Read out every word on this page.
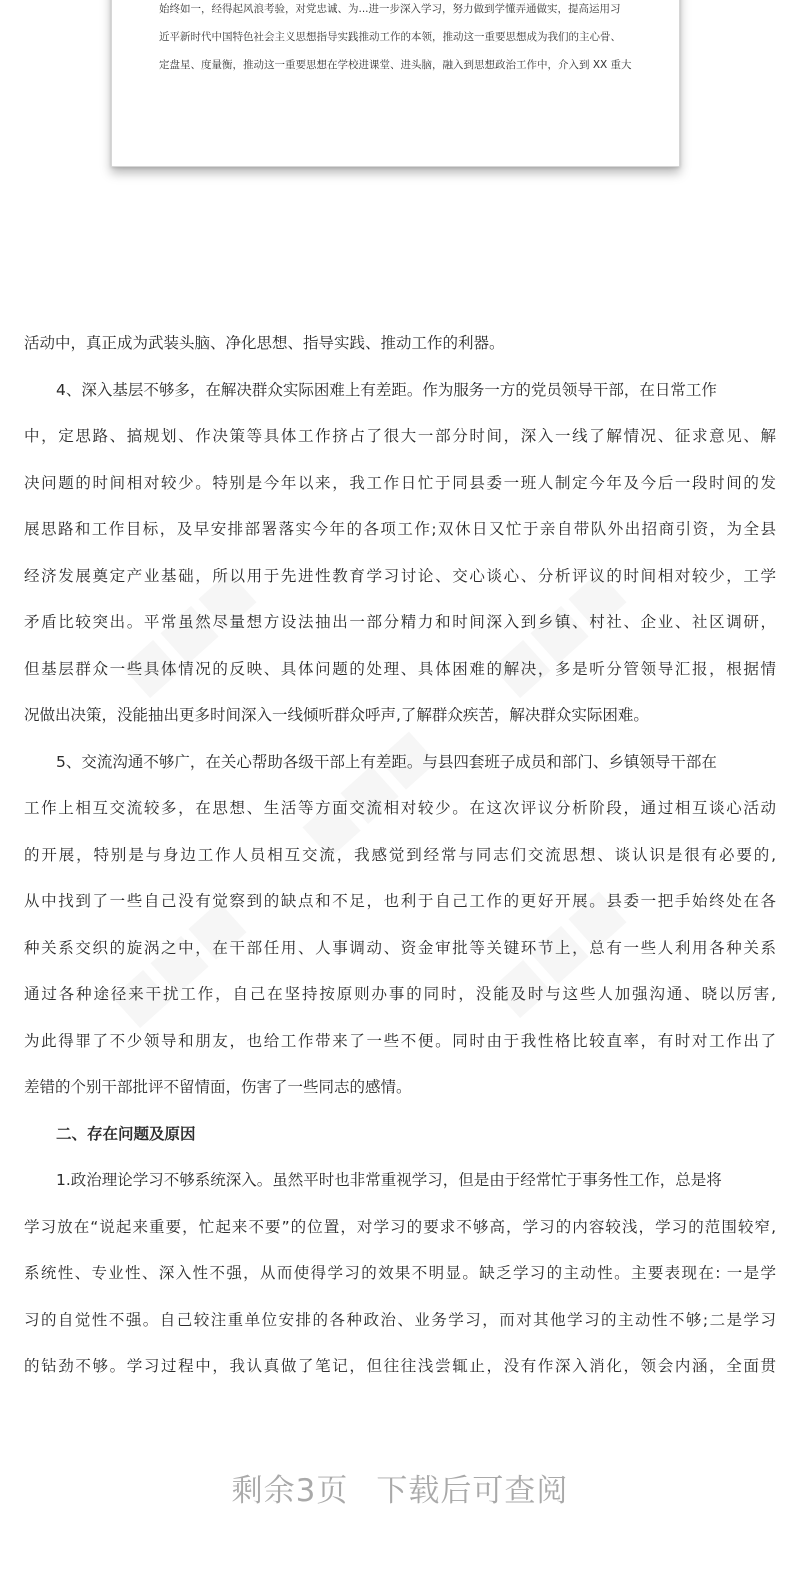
始终如一，经得起风浪考验，对党忠诚、为...进一步深入学习，努力做到学懂弄通做实，提高运用习
近平新时代中国特色社会主义思想指导实践推动工作的本领，推动这一重要思想成为我们的主心骨、
定盘星、度量衡，推动这一重要思想在学校进课堂、进头脑，融入到思想政治工作中，介入到 XX 重大
活动中，真正成为武装头脑、净化思想、指导实践、推动工作的利器。
4、深入基层不够多，在解决群众实际困难上有差距。作为服务一方的党员领导干部，在日常工作
中，定思路、搞规划、作决策等具体工作挤占了很大一部分时间，深入一线了解情况、征求意见、解
决问题的时间相对较少。特别是今年以来，我工作日忙于同县委一班人制定今年及今后一段时间的发
展思路和工作目标，及早安排部署落实今年的各项工作;双休日又忙于亲自带队外出招商引资，为全县
经济发展奠定产业基础，所以用于先进性教育学习讨论、交心谈心、分析评议的时间相对较少，工学
矛盾比较突出。平常虽然尽量想方设法抽出一部分精力和时间深入到乡镇、村社、企业、社区调研，
但基层群众一些具体情况的反映、具体问题的处理、具体困难的解决，多是听分管领导汇报，根据情
况做出决策，没能抽出更多时间深入一线倾听群众呼声,了解群众疾苦，解决群众实际困难。
5、交流沟通不够广，在关心帮助各级干部上有差距。与县四套班子成员和部门、乡镇领导干部在
工作上相互交流较多，在思想、生活等方面交流相对较少。在这次评议分析阶段，通过相互谈心活动
的开展，特别是与身边工作人员相互交流，我感觉到经常与同志们交流思想、谈认识是很有必要的,
从中找到了一些自己没有觉察到的缺点和不足，也利于自己工作的更好开展。县委一把手始终处在各
种关系交织的旋涡之中，在干部任用、人事调动、资金审批等关键环节上，总有一些人利用各种关系
通过各种途径来干扰工作，自己在坚持按原则办事的同时，没能及时与这些人加强沟通、晓以厉害,
为此得罪了不少领导和朋友，也给工作带来了一些不便。同时由于我性格比较直率，有时对工作出了
差错的个别干部批评不留情面，伤害了一些同志的感情。
二、存在问题及原因
1.政治理论学习不够系统深入。虽然平时也非常重视学习，但是由于经常忙于事务性工作，总是将
学习放在“说起来重要，忙起来不要”的位置，对学习的要求不够高，学习的内容较浅，学习的范围较窄,
系统性、专业性、深入性不强，从而使得学习的效果不明显。缺乏学习的主动性。主要表现在: 一是学
习的自觉性不强。自己较注重单位安排的各种政治、业务学习，而对其他学习的主动性不够;二是学习
的钻劲不够。学习过程中，我认真做了笔记，但往往浅尝辄止，没有作深入消化，领会内涵，全面贯
剩余3页 下载后可查阅
